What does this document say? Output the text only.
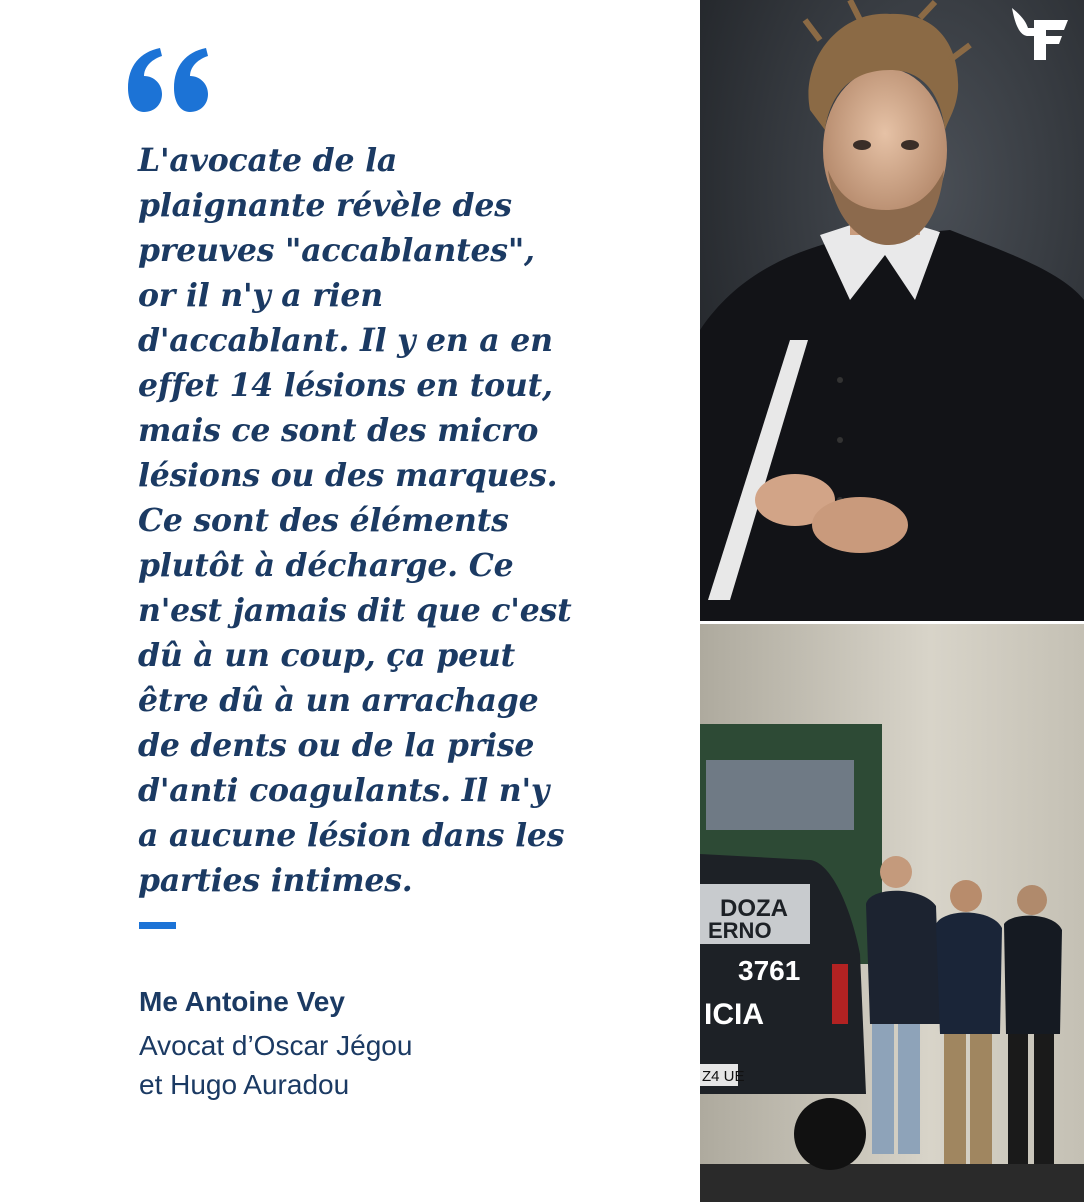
L'avocate de la
plaignante révèle des
preuves "accablantes",
or il n'y a rien
d'accablant. Il y en a en
effet 14 lésions en tout,
mais ce sont des micro
lésions ou des marques.
Ce sont des éléments
plutôt à décharge. Ce
n'est jamais dit que c'est
dû à un coup, ça peut
être dû à un arrachage
de dents ou de la prise
d'anti coagulants. Il n'y
a aucune lésion dans les
parties intimes.

Me Antoine Vey
Avocat d’Oscar Jégou
et Hugo Auradou
DOZA
ERNO
3761
ICIA
Z4 UE
